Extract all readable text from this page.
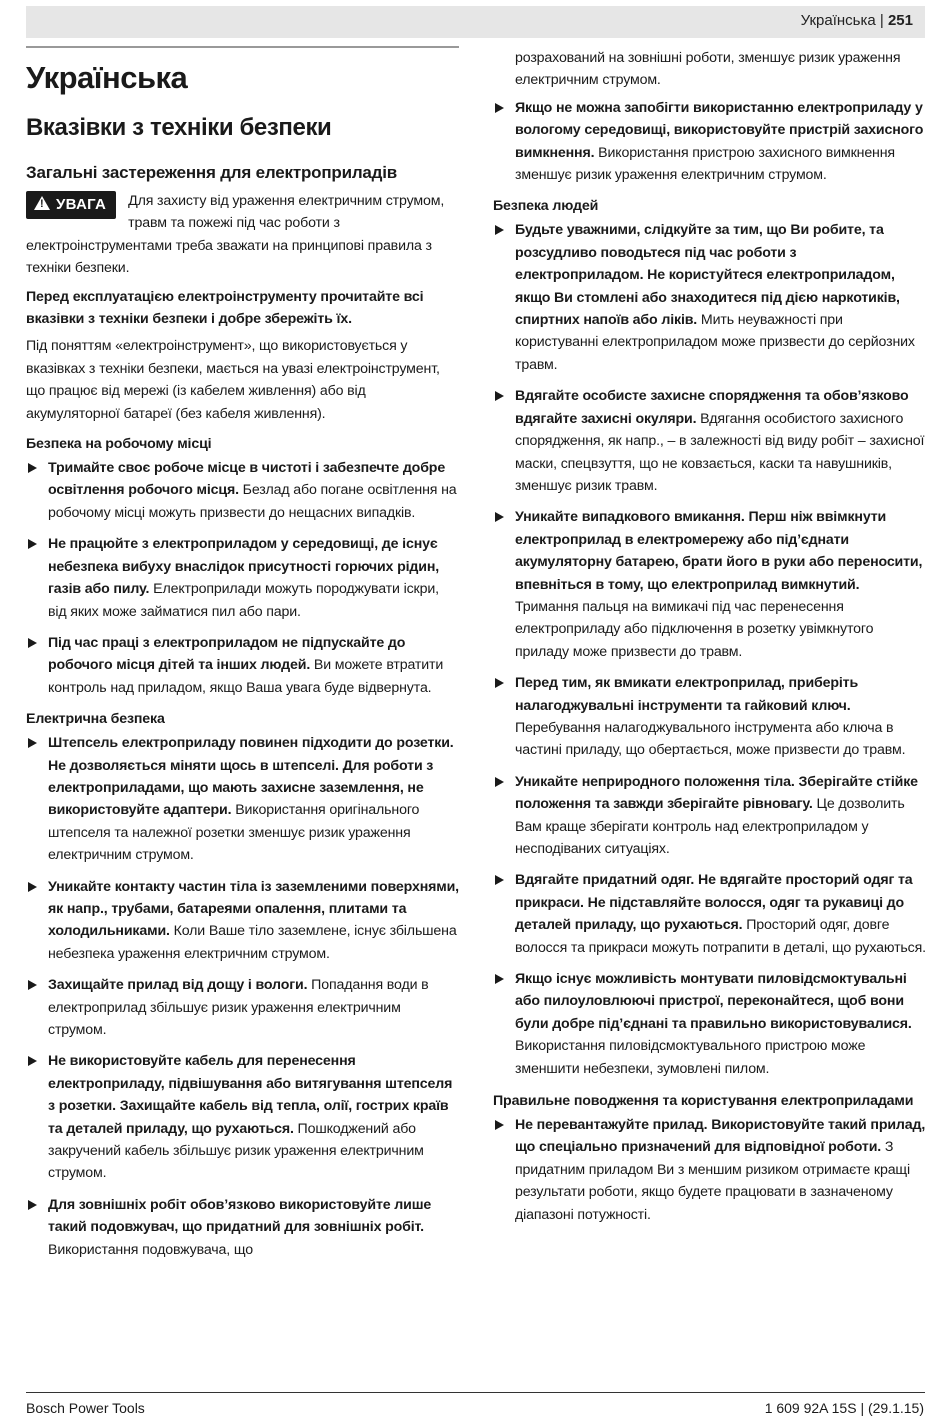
Українська | 251
Українська
Вказівки з техніки безпеки
Загальні застереження для електроприладів

!УВАГА	Для захисту від ураження електричним струмом, травм та пожежі під час роботи з електроінструментами треба зважати на принципові правила з техніки безпеки.

Перед експлуатацією електроінструменту прочитайте всі вказівки з техніки безпеки і добре збережіть їх.

Під поняттям «електроінструмент», що використовується у вказівках з техніки безпеки, мається на увазі електроінструмент, що працює від мережі (із кабелем живлення) або від акумуляторної батареї (без кабеля живлення).

Безпека на робочому місці
Тримайте своє робоче місце в чистоті і забезпечте добре освітлення робочого місця. Безлад або погане освітлення на робочому місці можуть призвести до нещасних випадків.
Не працюйте з електроприладом у середовищі, де існує небезпека вибуху внаслідок присутності горючих рідин, газів або пилу. Електроприлади можуть породжувати іскри, від яких може займатися пил або пари.
Під час праці з електроприладом не підпускайте до робочого місця дітей та інших людей. Ви можете втратити контроль над приладом, якщо Ваша увага буде відвернута.
Електрична безпека
Штепсель електроприладу повинен підходити до розетки. Не дозволяється міняти щось в штепселі. Для роботи з електроприладами, що мають захисне заземлення, не використовуйте адаптери. Використання оригінального штепселя та належної розетки зменшує ризик ураження електричним струмом.
Уникайте контакту частин тіла із заземленими поверхнями, як напр., трубами, батареями опалення, плитами та холодильниками. Коли Ваше тіло заземлене, існує збільшена небезпека ураження електричним струмом.
Захищайте прилад від дощу і вологи. Попадання води в електроприлад збільшує ризик ураження електричним струмом.
Не використовуйте кабель для перенесення електроприладу, підвішування або витягування штепселя з розетки. Захищайте кабель від тепла, олії, гострих країв та деталей приладу, що рухаються. Пошкоджений або закручений кабель збільшує ризик ураження електричним струмом.
Для зовнішніх робіт обов’язково використовуйте лише такий подовжувач, що придатний для зовнішніх робіт. Використання подовжувача, що

розрахований на зовнішні роботи, зменшує ризик ураження електричним струмом.

Якщо не можна запобігти використанню електроприладу у вологому середовищі, використовуйте пристрій захисного вимкнення. Використання пристрою захисного вимкнення зменшує ризик ураження електричним струмом.
Безпека людей
Будьте уважними, слідкуйте за тим, що Ви робите, та розсудливо поводьтеся під час роботи з електроприладом. Не користуйтеся електроприладом, якщо Ви стомлені або знаходитеся під дією наркотиків, спиртних напоїв або ліків. Мить неуважності при користуванні електроприладом може призвести до серйозних травм.
Вдягайте особисте захисне спорядження та обов’язково вдягайте захисні окуляри. Вдягання особистого захисного спорядження, як напр., – в залежності від виду робіт – захисної маски, спецвзуття, що не ковзається, каски та навушників, зменшує ризик травм.
Уникайте випадкового вмикання. Перш ніж ввімкнути електроприлад в електромережу або під’єднати акумуляторну батарею, брати його в руки або переносити, впевніться в тому, що електроприлад вимкнутий. Тримання пальця на вимикачі під час перенесення електроприладу або підключення в розетку увімкнутого приладу може призвести до травм.
Перед тим, як вмикати електроприлад, приберіть налагоджувальні інструменти та гайковий ключ. Перебування налагоджувального інструмента або ключа в частині приладу, що обертається, може призвести до травм.
Уникайте неприродного положення тіла. Зберігайте стійке положення та завжди зберігайте рівновагу. Це дозволить Вам краще зберігати контроль над електроприладом у несподіваних ситуаціях.
Вдягайте придатний одяг. Не вдягайте просторий одяг та прикраси. Не підставляйте волосся, одяг та рукавиці до деталей приладу, що рухаються. Просторий одяг, довге волосся та прикраси можуть потрапити в деталі, що рухаються.
Якщо існує можливість монтувати пиловідсмоктувальні або пилоуловлюючі пристрої, переконайтеся, щоб вони були добре під’єднані та правильно використовувалися. Використання пиловідсмоктувального пристрою може зменшити небезпеки, зумовлені пилом.
Правильне поводження та користування електроприладами
Не перевантажуйте прилад. Використовуйте такий прилад, що спеціально призначений для відповідної роботи. З придатним приладом Ви з меншим ризиком отримаєте кращі результати роботи, якщо будете працювати в зазначеному діапазоні потужності.
Bosch Power Tools	1 609 92A 15S | (29.1.15)
